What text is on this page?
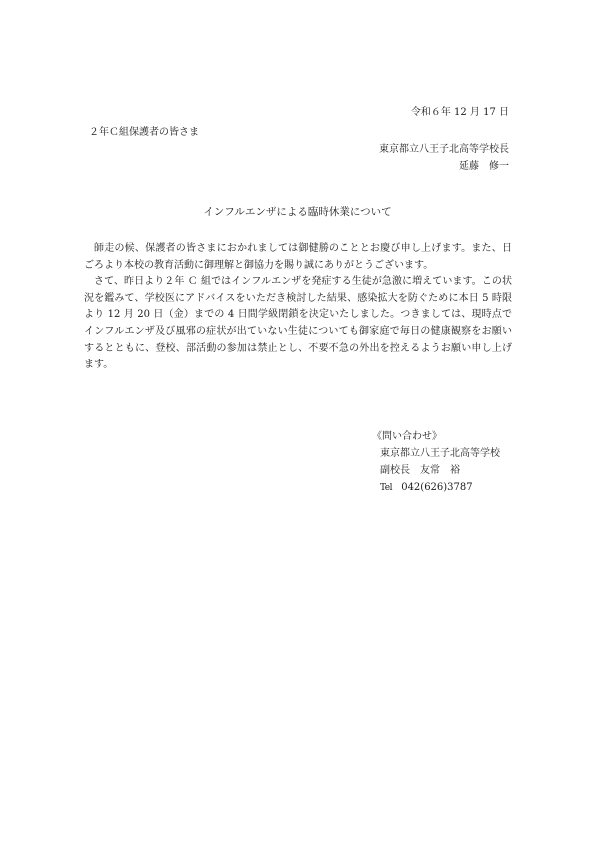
令和６年 12 月 17 日
２年Ｃ組保護者の皆さま
東京都立八王子北高等学校長
延藤　修一
インフルエンザによる臨時休業について

師走の候、保護者の皆さまにおかれましては御健勝のこととお慶び申し上げます。また、日ごろより本校の教育活動に御理解と御協力を賜り誠にありがとうございます。

さて、昨日より２年 Ｃ 組ではインフルエンザを発症する生徒が急激に増えています。この状況を鑑みて、学校医にアドバイスをいただき検討した結果、感染拡大を防ぐために本日 5 時限より 12 月 20 日（金）までの 4 日間学級閉鎖を決定いたしました。つきましては、現時点でインフルエンザ及び風邪の症状が出ていない生徒についても御家庭で毎日の健康観察をお願いするとともに、登校、部活動の参加は禁止とし、不要不急の外出を控えるようお願い申し上げます。

《問い合わせ》
東京都立八王子北高等学校
副校長　友常　裕
Tel 042(626)3787
